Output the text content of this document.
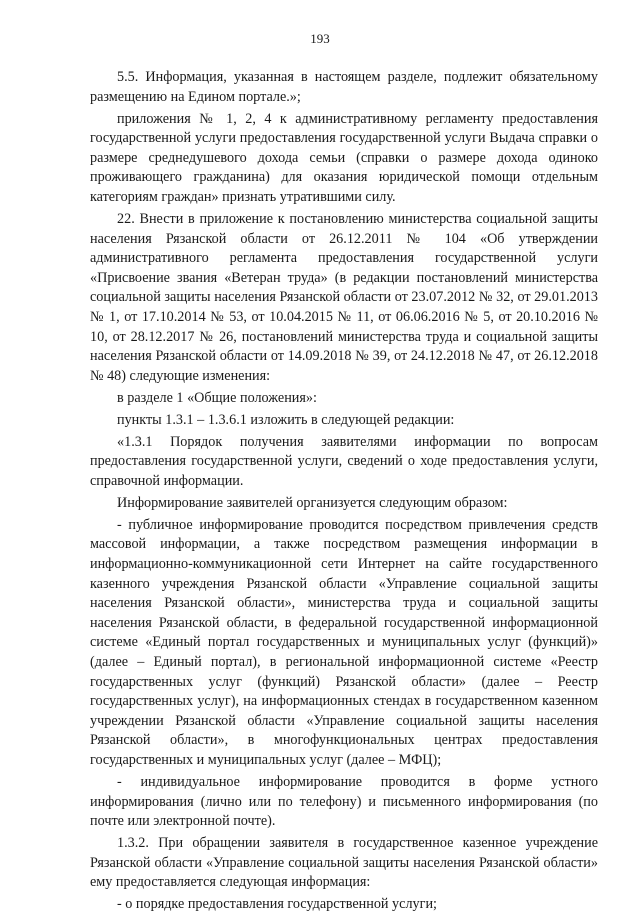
193

5.5. Информация, указанная в настоящем разделе, подлежит обязательному размещению на Едином портале.»;

приложения № 1, 2, 4 к административному регламенту предоставления государственной услуги предоставления государственной услуги Выдача справки о размере среднедушевого дохода семьи (справки о размере дохода одиноко проживающего гражданина) для оказания юридической помощи отдельным категориям граждан» признать утратившими силу.

22. Внести в приложение к постановлению министерства социальной защиты населения Рязанской области от 26.12.2011 № 104 «Об утверждении административного регламента предоставления государственной услуги «Присвоение звания «Ветеран труда» (в редакции постановлений министерства социальной защиты населения Рязанской области от 23.07.2012 № 32, от 29.01.2013 № 1, от 17.10.2014 № 53, от 10.04.2015 № 11, от 06.06.2016 № 5, от 20.10.2016 № 10, от 28.12.2017 № 26, постановлений министерства труда и социальной защиты населения Рязанской области от 14.09.2018 № 39, от 24.12.2018 № 47, от 26.12.2018 № 48) следующие изменения:

в разделе 1 «Общие положения»:

пункты 1.3.1 – 1.3.6.1 изложить в следующей редакции:

«1.3.1 Порядок получения заявителями информации по вопросам предоставления государственной услуги, сведений о ходе предоставления услуги, справочной информации.

Информирование заявителей организуется следующим образом:

- публичное информирование проводится посредством привлечения средств массовой информации, а также посредством размещения информации в информационно-коммуникационной сети Интернет на сайте государственного казенного учреждения Рязанской области «Управление социальной защиты населения Рязанской области», министерства труда и социальной защиты населения Рязанской области, в федеральной государственной информационной системе «Единый портал государственных и муниципальных услуг (функций)» (далее – Единый портал), в региональной информационной системе «Реестр государственных услуг (функций) Рязанской области» (далее – Реестр государственных услуг), на информационных стендах в государственном казенном учреждении Рязанской области «Управление социальной защиты населения Рязанской области», в многофункциональных центрах предоставления государственных и муниципальных услуг (далее – МФЦ);

- индивидуальное информирование проводится в форме устного информирования (лично или по телефону) и письменного информирования (по почте или электронной почте).

1.3.2. При обращении заявителя в государственное казенное учреждение Рязанской области «Управление социальной защиты населения Рязанской области» ему предоставляется следующая информация:

- о порядке предоставления государственной услуги;
